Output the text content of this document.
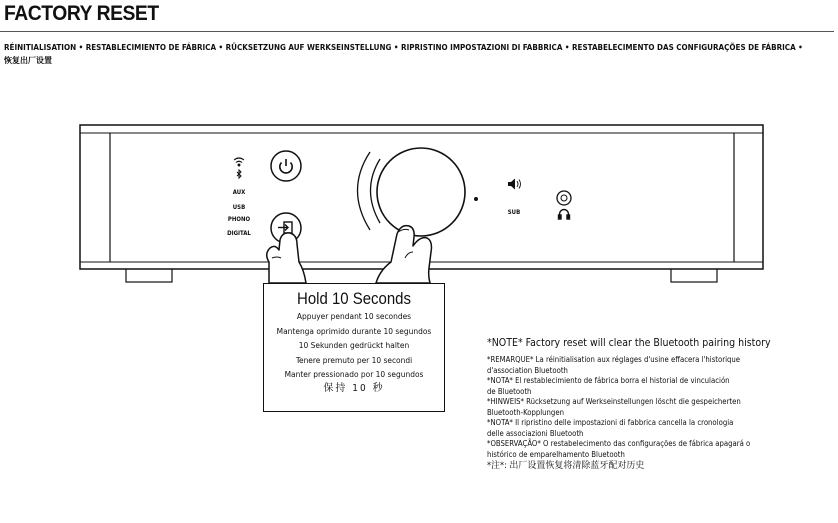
FACTORY RESET
RÉINITIALISATION • RESTABLECIMIENTO DE FÁBRICA • RÜCKSETZUNG AUF WERKSEINSTELLUNG • RIPRISTINO IMPOSTAZIONI DI FABBRICA • RESTABELECIMENTO DAS CONFIGURAÇÕES DE FÁBRICA •
恢复出厂设置
AUX
USB
PHONO
DIGITAL
SUB
Hold 10 Seconds
Appuyer pendant 10 secondes
Mantenga oprimido durante 10 segundos
10 Sekunden gedrückt halten
Tenere premuto per 10 secondi
Manter pressionado por 10 segundos
保持 10 秒
*NOTE* Factory reset will clear the Bluetooth pairing history
*REMARQUE* La réinitialisation aux réglages d'usine effacera l'historique
d'association Bluetooth
*NOTA* El restablecimiento de fábrica borra el historial de vinculación
de Bluetooth
*HINWEIS* Rücksetzung auf Werkseinstellungen löscht die gespeicherten
Bluetooth-Kopplungen
*NOTA* Il ripristino delle impostazioni di fabbrica cancella la cronologia
delle associazioni Bluetooth
*OBSERVAÇÃO* O restabelecimento das configurações de fábrica apagará o
histórico de emparelhamento Bluetooth
*注*: 出厂设置恢复将清除蓝牙配对历史
